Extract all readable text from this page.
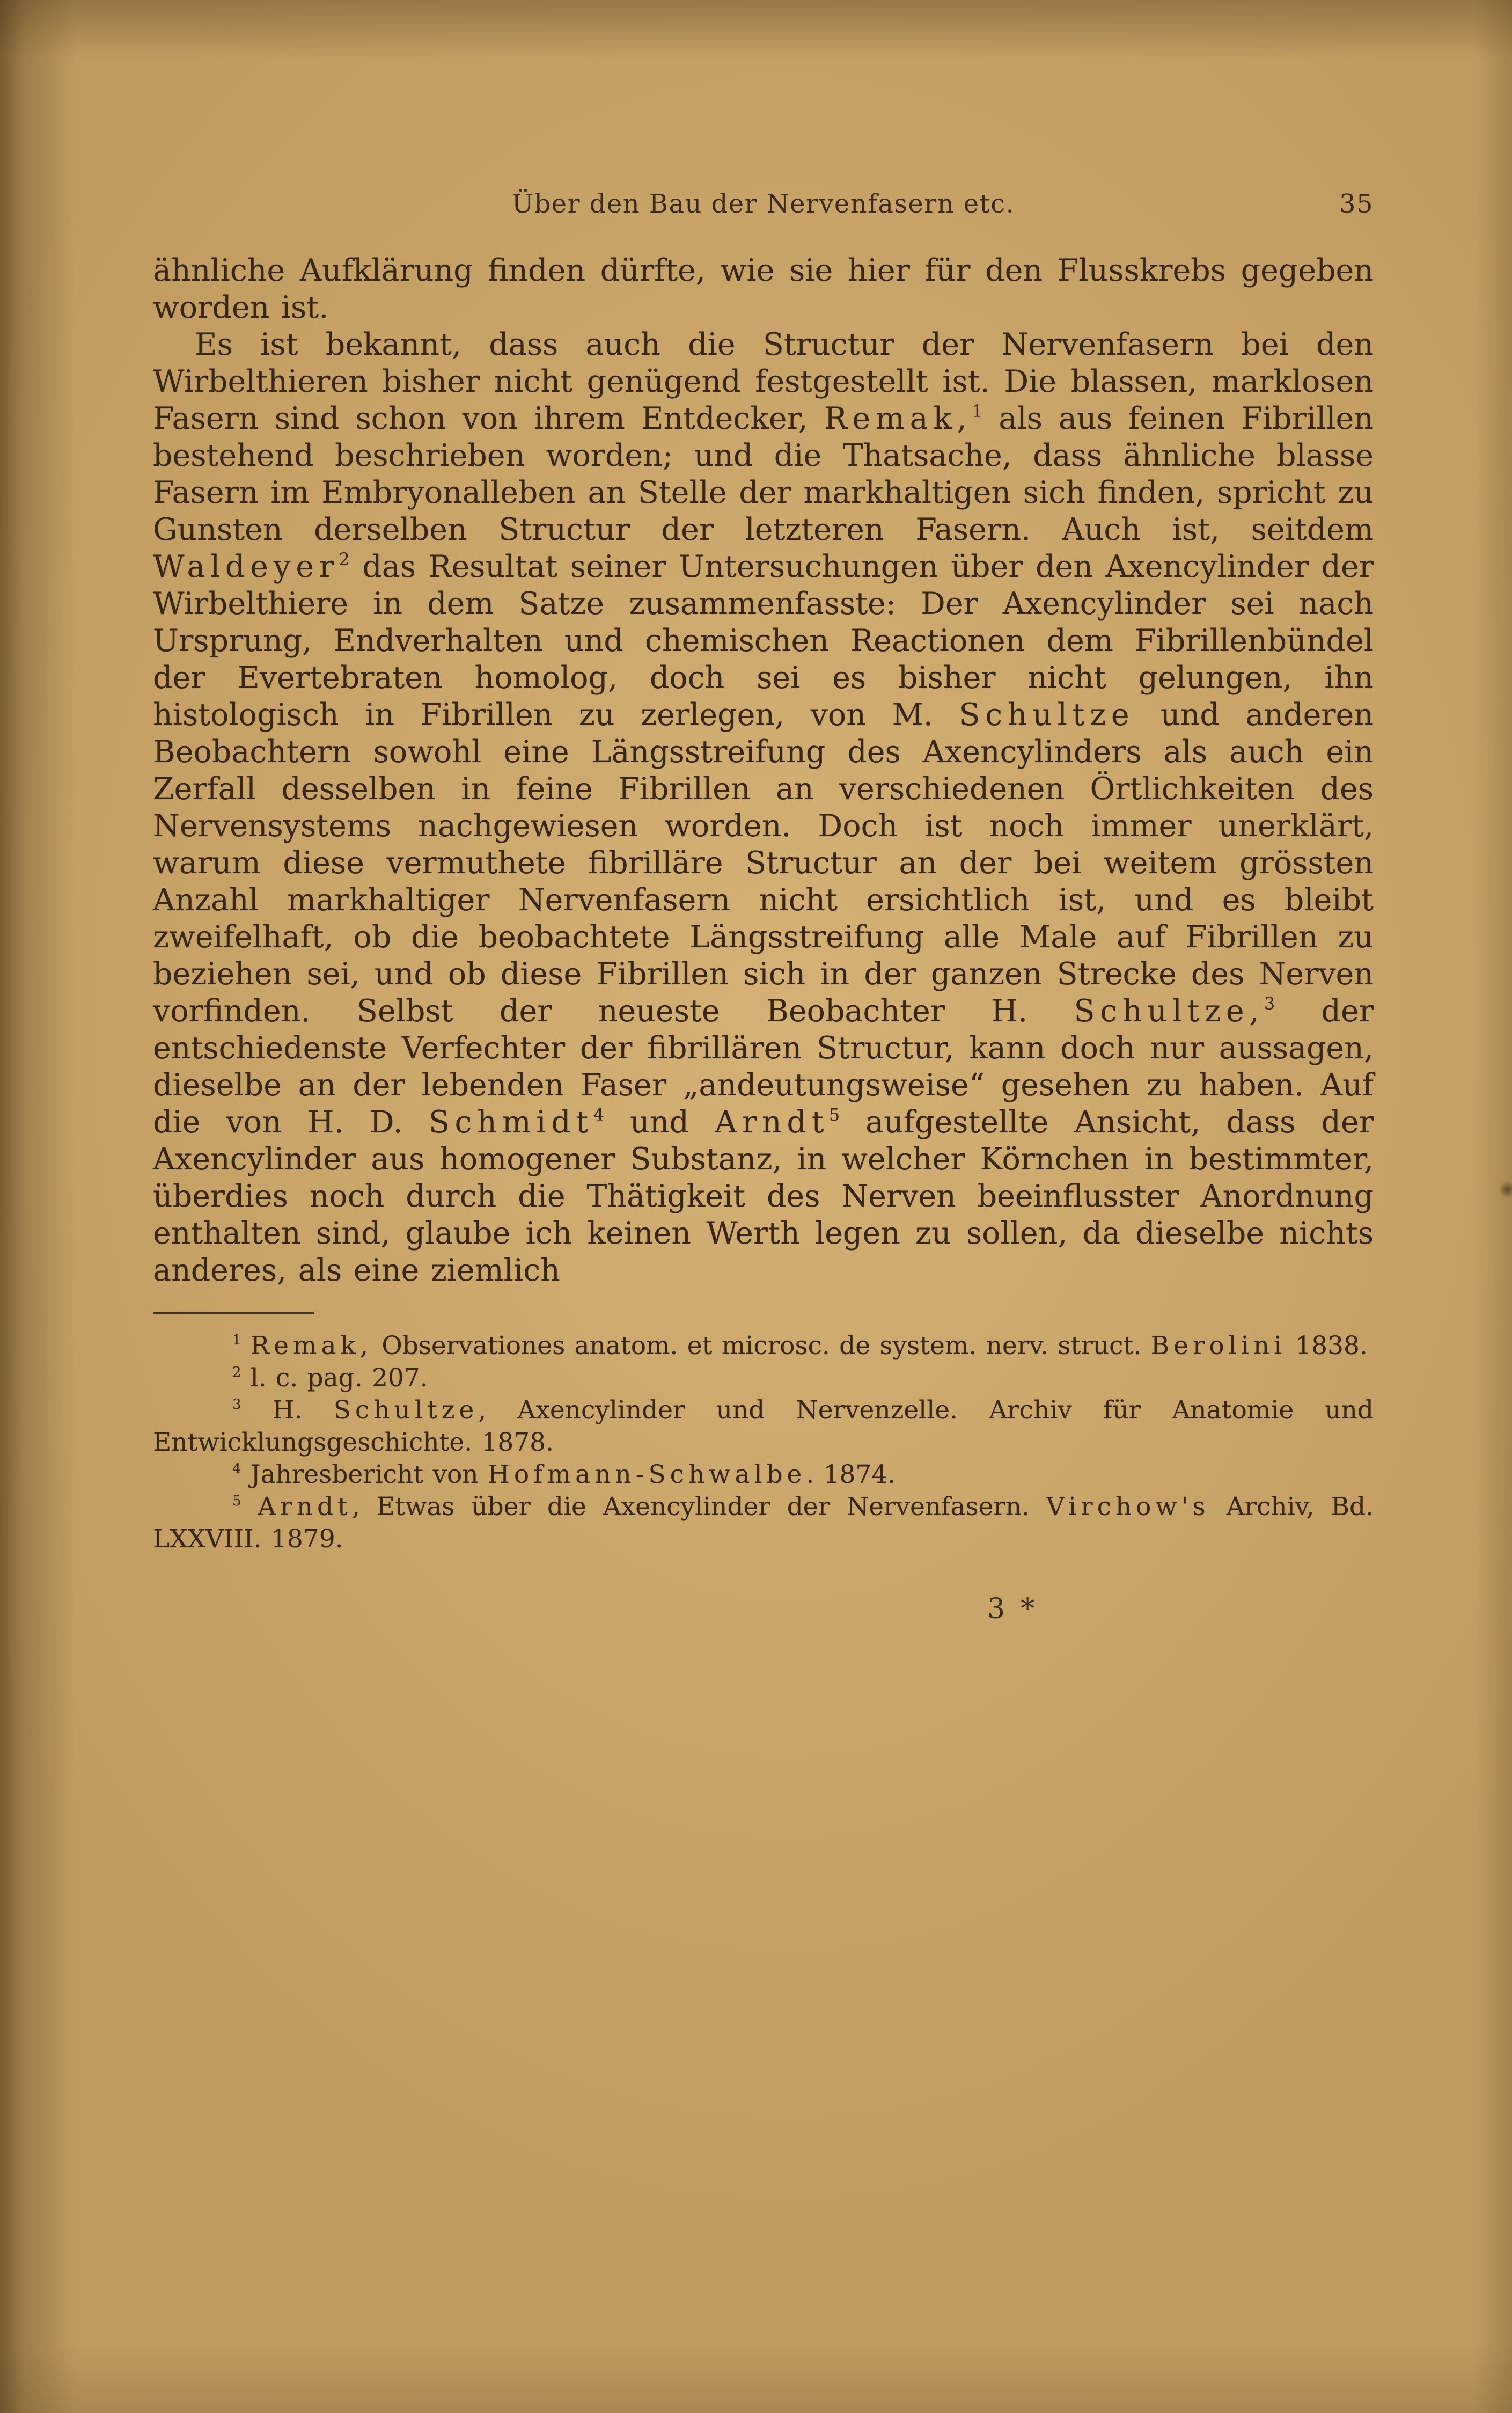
Über den Bau der Nervenfasern etc.	35

ähnliche Aufklärung finden dürfte, wie sie hier für den Flusskrebs gegeben worden ist.

Es ist bekannt, dass auch die Structur der Nervenfasern bei den Wirbelthieren bisher nicht genügend festgestellt ist. Die blassen, marklosen Fasern sind schon von ihrem Entdecker, Remak,$^1$ als aus feinen Fibrillen bestehend beschrieben worden; und die Thatsache, dass ähnliche blasse Fasern im Embryonalleben an Stelle der markhaltigen sich finden, spricht zu Gunsten derselben Structur der letzteren Fasern. Auch ist, seitdem Waldeyer$^2$ das Resultat seiner Untersuchungen über den Axencylinder der Wirbelthiere in dem Satze zusammenfasste: Der Axencylinder sei nach Ursprung, Endverhalten und chemischen Reactionen dem Fibrillenbündel der Evertebraten homolog, doch sei es bisher nicht gelungen, ihn histologisch in Fibrillen zu zerlegen, von M. Schultze und anderen Beobachtern sowohl eine Längsstreifung des Axencylinders als auch ein Zerfall desselben in feine Fibrillen an verschiedenen Örtlichkeiten des Nervensystems nachgewiesen worden. Doch ist noch immer unerklärt, warum diese vermuthete fibrilläre Structur an der bei weitem grössten Anzahl markhaltiger Nervenfasern nicht ersichtlich ist, und es bleibt zweifelhaft, ob die beobachtete Längsstreifung alle Male auf Fibrillen zu beziehen sei, und ob diese Fibrillen sich in der ganzen Strecke des Nerven vorfinden. Selbst der neueste Beobachter H. Schultze,$^3$ der entschiedenste Verfechter der fibrillären Structur, kann doch nur aussagen, dieselbe an der lebenden Faser „andeutungsweise“ gesehen zu haben. Auf die von H. D. Schmidt$^4$ und Arndt$^5$ aufgestellte Ansicht, dass der Axencylinder aus homogener Substanz, in welcher Körnchen in bestimmter, überdies noch durch die Thätigkeit des Nerven beeinflusster Anordnung enthalten sind, glaube ich keinen Werth legen zu sollen, da dieselbe nichts anderes, als eine ziemlich

$^1$ Remak, Observationes anatom. et microsc. de system. nerv. struct. Berolini 1838.

$^2$ l. c. pag. 207.

$^3$ H. Schultze, Axencylinder und Nervenzelle. Archiv für Anatomie und Entwicklungsgeschichte. 1878.

$^4$ Jahresbericht von Hofmann-Schwalbe. 1874.

$^5$ Arndt, Etwas über die Axencylinder der Nervenfasern. Virchow's Archiv, Bd. LXXVIII. 1879.

3 *
